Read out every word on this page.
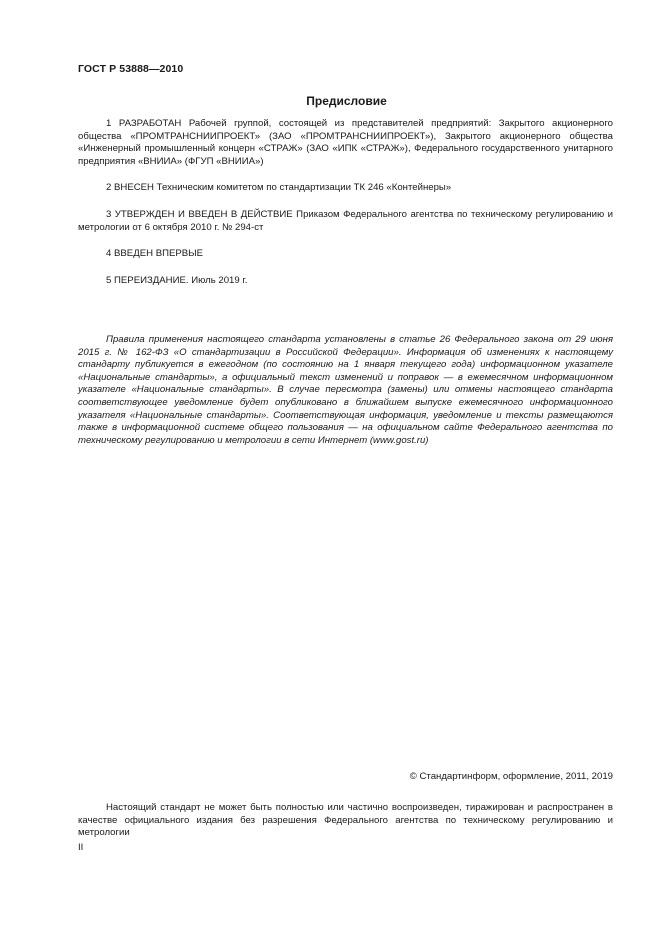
ГОСТ Р 53888—2010
Предисловие

1 РАЗРАБОТАН Рабочей группой, состоящей из представителей предприятий: Закрытого акционерного общества «ПРОМТРАНСНИИПРОЕКТ» (ЗАО «ПРОМТРАНСНИИПРОЕКТ»), Закрытого акционерного общества «Инженерный промышленный концерн «СТРАЖ» (ЗАО «ИПК «СТРАЖ»), Федерального государственного унитарного предприятия «ВНИИА» (ФГУП «ВНИИА»)

2 ВНЕСЕН Техническим комитетом по стандартизации ТК 246 «Контейнеры»

3 УТВЕРЖДЕН И ВВЕДЕН В ДЕЙСТВИЕ Приказом Федерального агентства по техническому регулированию и метрологии от 6 октября 2010 г. № 294-ст

4 ВВЕДЕН ВПЕРВЫЕ

5 ПЕРЕИЗДАНИЕ. Июль 2019 г.

Правила применения настоящего стандарта установлены в статье 26 Федерального закона от 29 июня 2015 г. № 162-ФЗ «О стандартизации в Российской Федерации». Информация об изменениях к настоящему стандарту публикуется в ежегодном (по состоянию на 1 января текущего года) информационном указателе «Национальные стандарты», а официальный текст изменений и поправок — в ежемесячном информационном указателе «Национальные стандарты». В случае пересмотра (замены) или отмены настоящего стандарта соответствующее уведомление будет опубликовано в ближайшем выпуске ежемесячного информационного указателя «Национальные стандарты». Соответствующая информация, уведомление и тексты размещаются также в информационной системе общего пользования — на официальном сайте Федерального агентства по техническому регулированию и метрологии в сети Интернет (www.gost.ru)
© Стандартинформ, оформление, 2011, 2019
Настоящий стандарт не может быть полностью или частично воспроизведен, тиражирован и распространен в качестве официального издания без разрешения Федерального агентства по техническому регулированию и метрологии
II
